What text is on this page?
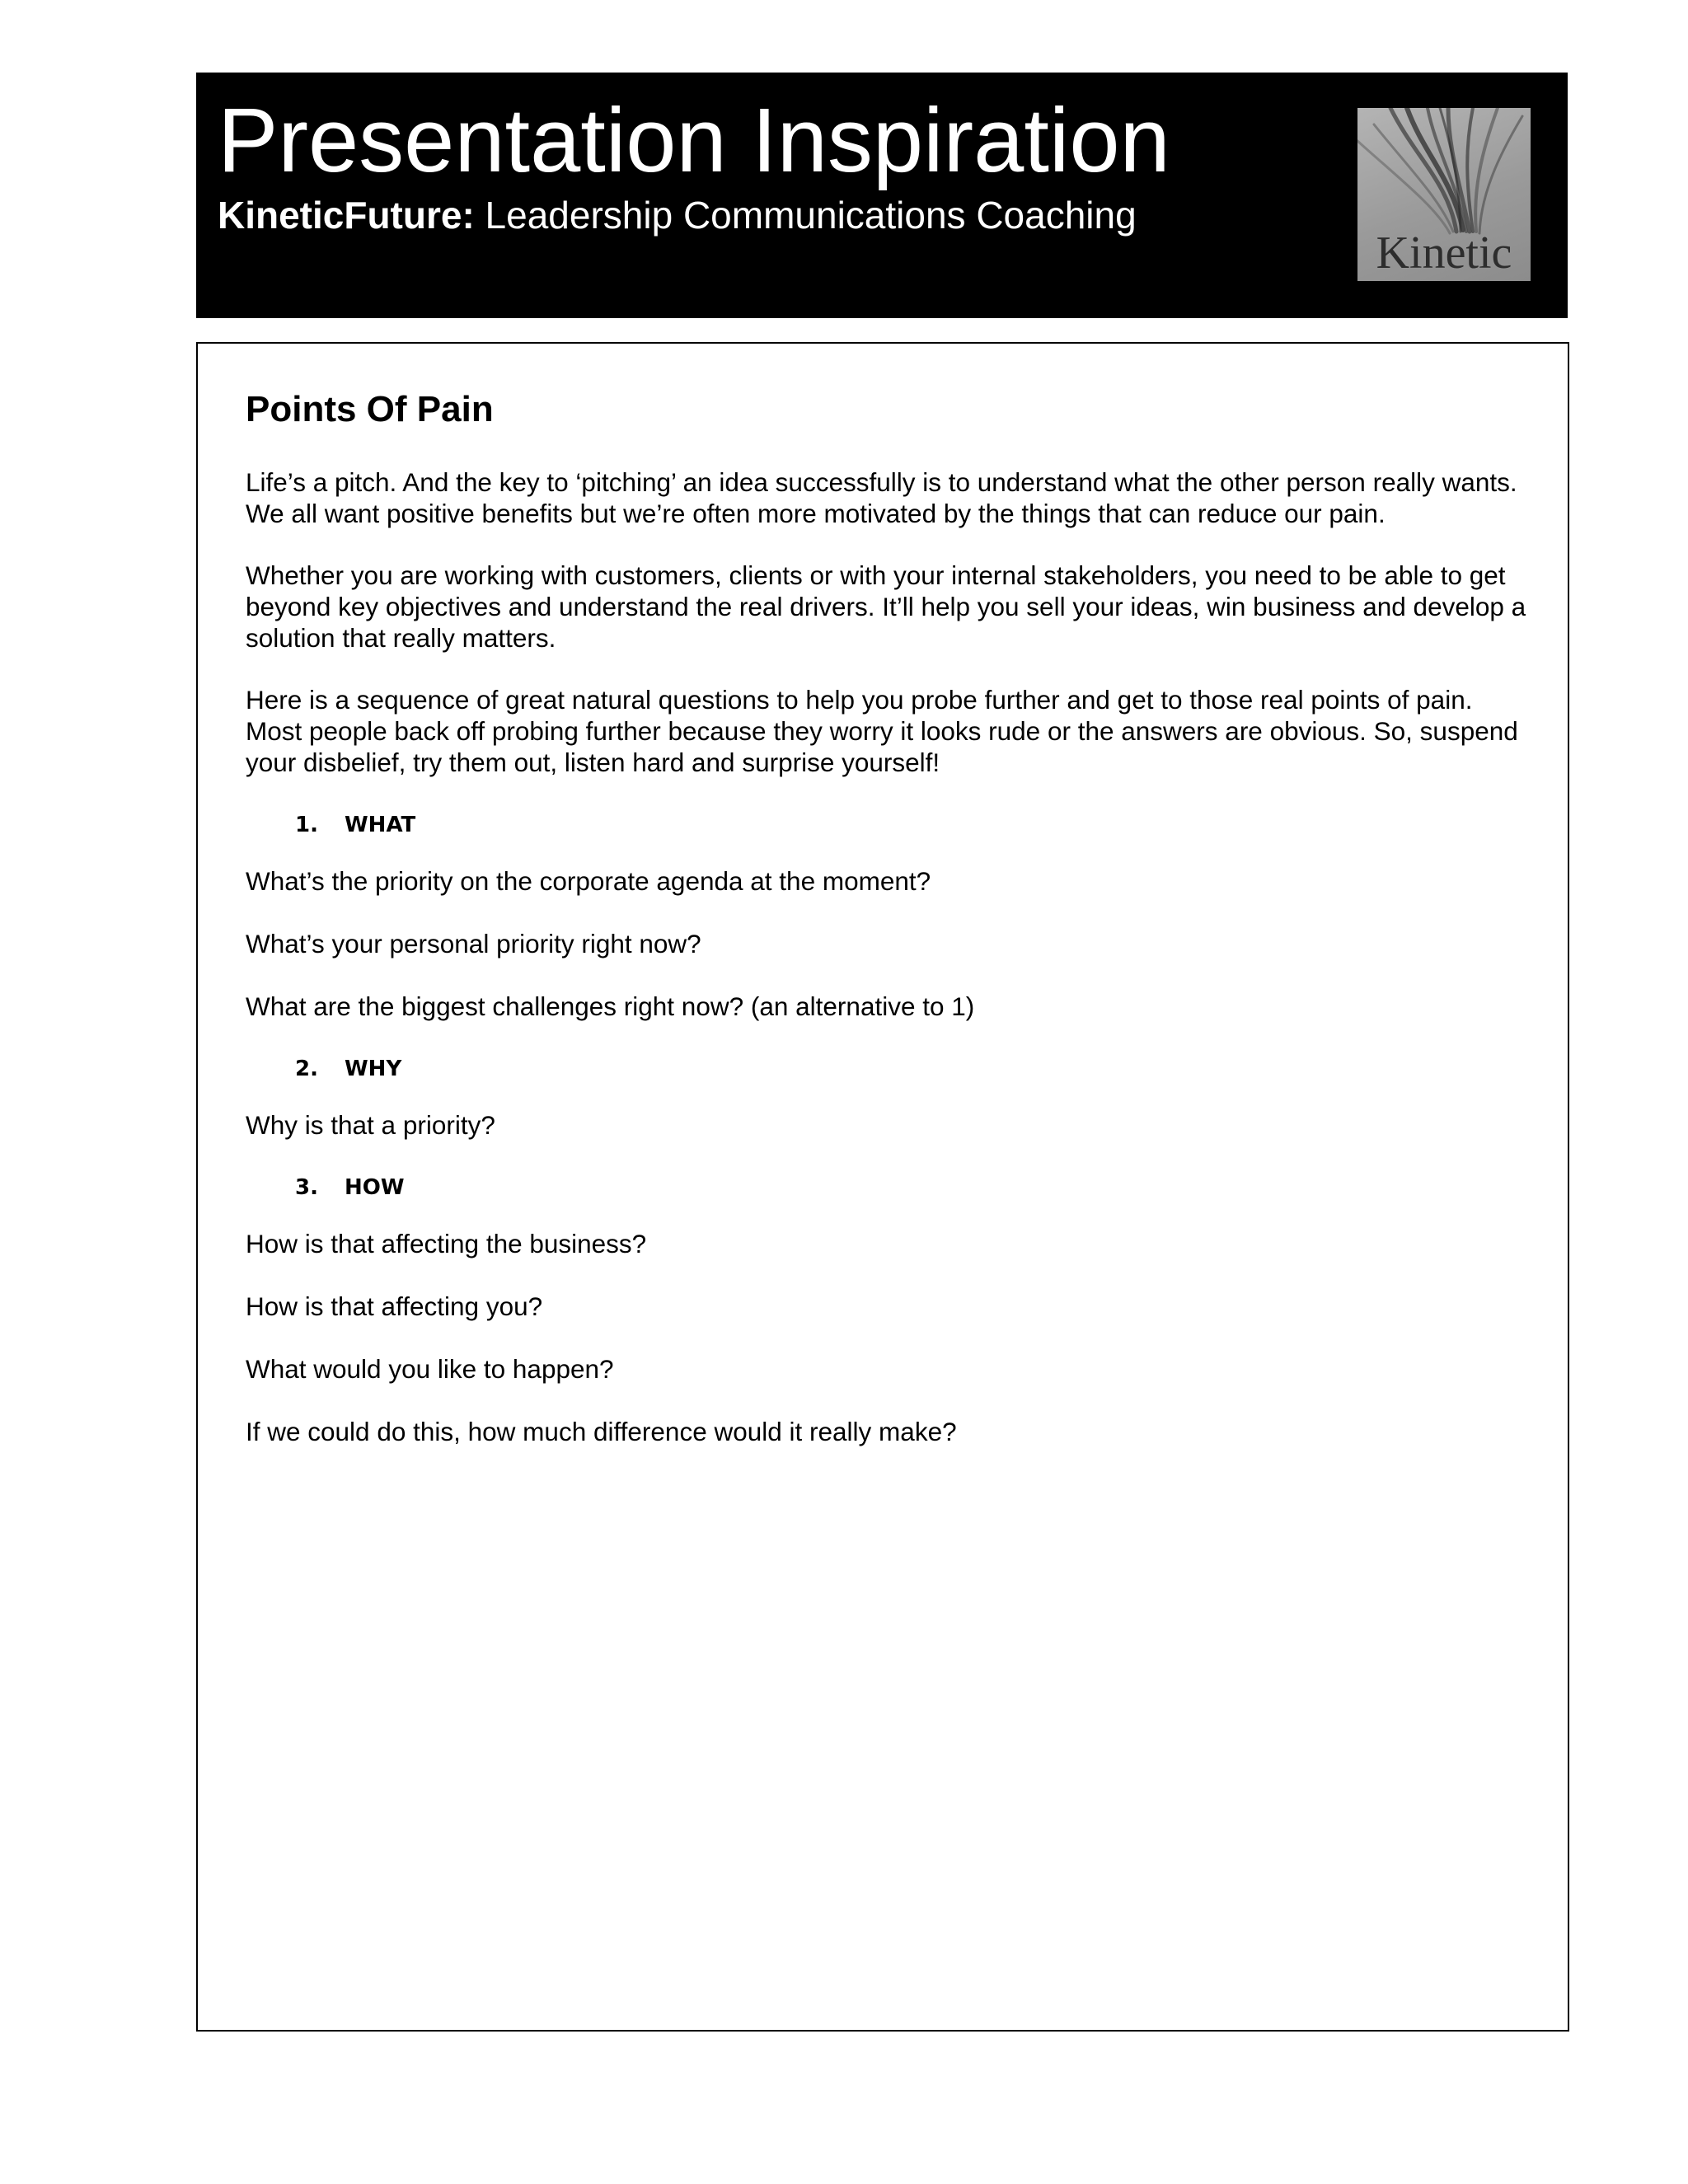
Presentation Inspiration

KineticFuture: Leadership Communications Coaching

Kinetic
Points Of Pain

Life’s a pitch. And the key to ‘pitching’ an idea successfully is to understand what the other person really wants. We all want positive benefits but we’re often more motivated by the things that can reduce our pain.

Whether you are working with customers, clients or with your internal stakeholders, you need to be able to get beyond key objectives and understand the real drivers. It’ll help you sell your ideas, win business and develop a solution that really matters.

Here is a sequence of great natural questions to help you probe further and get to those real points of pain. Most people back off probing further because they worry it looks rude or the answers are obvious. So, suspend your disbelief, try them out, listen hard and surprise yourself!

1. WHAT

What’s the priority on the corporate agenda at the moment?

What’s your personal priority right now?

What are the biggest challenges right now? (an alternative to 1)

2. WHY

Why is that a priority?

3. HOW

How is that affecting the business?

How is that affecting you?

What would you like to happen?

If we could do this, how much difference would it really make?
